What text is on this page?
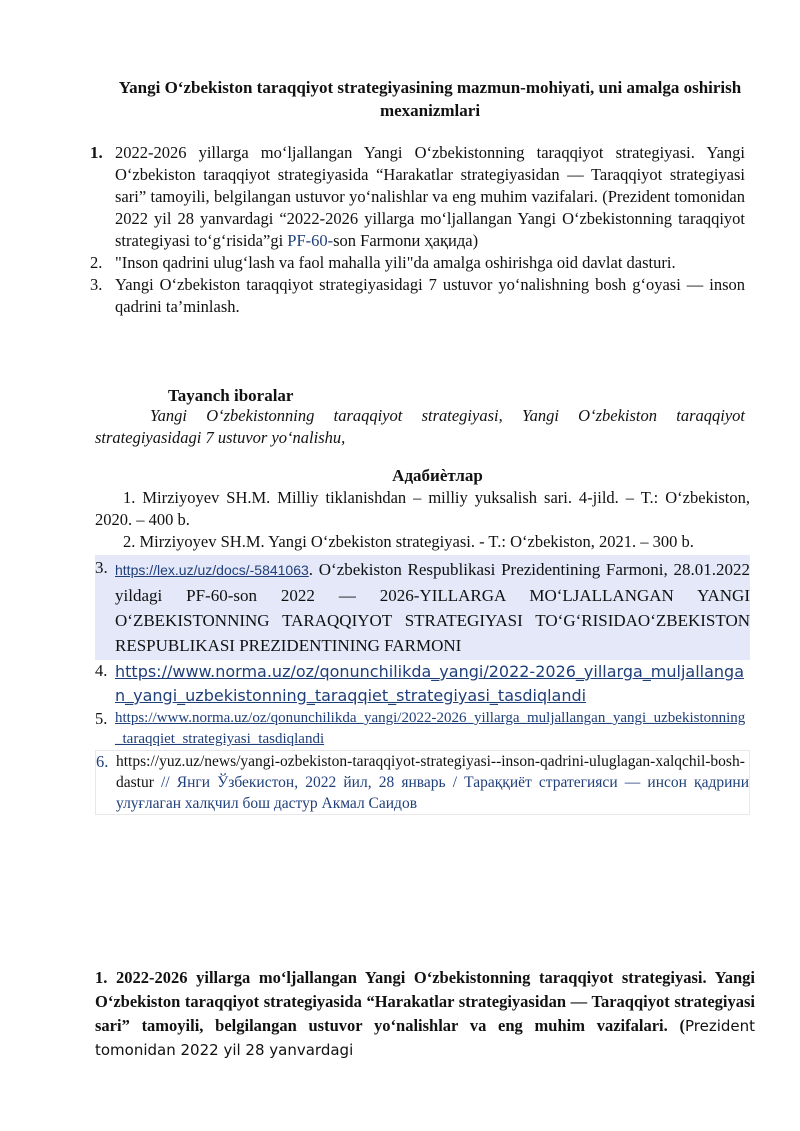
Yangi O‘zbekiston taraqqiyot strategiyasining mazmun-mohiyati, uni amalga oshirish mexanizmlari
1. 2022-2026 yillarga mo‘ljallangan Yangi O‘zbekistonning taraqqiyot strategiyasi. Yangi O‘zbekiston taraqqiyot strategiyasida “Harakatlar strategiyasidan — Taraqqiyot strategiyasi sari” tamoyili, belgilangan ustuvor yo‘nalishlar va eng muhim vazifalari. (Prezident tomonidan 2022 yil 28 yanvardagi “2022-2026 yillarga mo‘ljallangan Yangi O‘zbekistonning taraqqiyot strategiyasi to‘g‘risida”gi PF-60-son Farmonи ҳақида)
2. "Inson qadrini ulug‘lash va faol mahalla yili"da amalga oshirishga oid davlat dasturi.
3. Yangi O‘zbekiston taraqqiyot strategiyasidagi 7 ustuvor yo‘nalishning bosh g‘oyasi — inson qadrini ta’minlash.
Tayanch iboralar
Yangi O‘zbekistonning taraqqiyot strategiyasi, Yangi O‘zbekiston taraqqiyot strategiyasidagi 7 ustuvor yo‘nalishu,
Адабиѐтлар
1. Mirziyoyev SH.M. Milliy tiklanishdan – milliy yuksalish sari. 4-jild. – T.: O‘zbekiston, 2020. – 400 b.
2. Mirziyoyev SH.M. Yangi O‘zbekiston strategiyasi. - T.: O‘zbekiston, 2021. – 300 b.
3. https://lex.uz/uz/docs/-5841063. O‘zbekiston Respublikasi Prezidentining Farmoni, 28.01.2022 yildagi PF-60-son 2022 — 2026-YILLARGA MO‘LJALLANGAN YANGI O‘ZBEKISTONNING TARAQQIYOT STRATEGIYASI TO‘G‘RISIDAO‘ZBEKISTON RESPUBLIKASI PREZIDENTINING FARMONI
4. https://www.norma.uz/oz/qonunchilikda_yangi/2022-2026_yillarga_muljallangan_yangi_uzbekistonning_taraqqiet_strategiyasi_tasdiqlandi
5. https://www.norma.uz/oz/qonunchilikda_yangi/2022-2026_yillarga_muljallangan_yangi_uzbekistonning_taraqqiet_strategiyasi_tasdiqlandi
6. https://yuz.uz/news/yangi-ozbekiston-taraqqiyot-strategiyasi--inson-qadrini-uluglagan-xalqchil-bosh-dastur // Янги Ўзбекистон, 2022 йил, 28 январь / Тараққиёт стратегияси — инсон қадрини улуғлаган халқчил бош дастур Акмал Саидов
1. 2022-2026 yillarga mo‘ljallangan Yangi O‘zbekistonning taraqqiyot strategiyasi. Yangi O‘zbekiston taraqqiyot strategiyasida “Harakatlar strategiyasidan — Taraqqiyot strategiyasi sari” tamoyili, belgilangan ustuvor yo‘nalishlar va eng muhim vazifalari. (Prezident tomonidan 2022 yil 28 yanvardagi
